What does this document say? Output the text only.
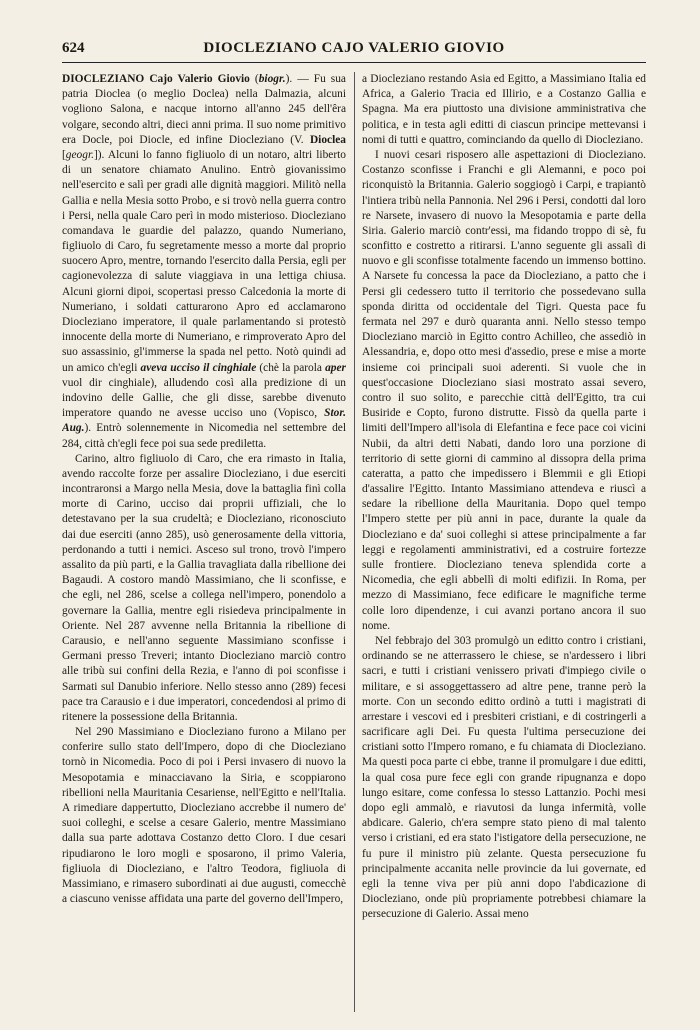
624	DIOCLEZIANO CAJO VALERIO GIOVIO

DIOCLEZIANO Cajo Valerio Giovio (biogr.). — Fu sua patria Dioclea (o meglio Doclea) nella Dalmazia, alcuni vogliono Salona, e nacque intorno all'anno 245 dell'êra volgare, secondo altri, dieci anni prima. Il suo nome primitivo era Docle, poi Diocle, ed infine Diocleziano (V. Dioclea [geogr.]). Alcuni lo fanno figliuolo di un notaro, altri liberto di un senatore chiamato Anulino. Entrò giovanissimo nell'esercito e salì per gradi alle dignità maggiori. Militò nella Gallia e nella Mesia sotto Probo, e si trovò nella guerra contro i Persi, nella quale Caro perì in modo misterioso. Diocleziano comandava le guardie del palazzo, quando Numeriano, figliuolo di Caro, fu segretamente messo a morte dal proprio suocero Apro, mentre, tornando l'esercito dalla Persia, egli per cagionevolezza di salute viaggiava in una lettiga chiusa. Alcuni giorni dipoi, scopertasi presso Calcedonia la morte di Numeriano, i soldati catturarono Apro ed acclamarono Diocleziano imperatore, il quale parlamentando si protestò innocente della morte di Numeriano, e rimproverato Apro del suo assassinio, gl'immerse la spada nel petto. Notò quindi ad un amico ch'egli aveva ucciso il cinghiale (chè la parola aper vuol dir cinghiale), alludendo così alla predizione di un indovino delle Gallie, che gli disse, sarebbe divenuto imperatore quando ne avesse ucciso uno (Vopisco, Stor. Aug.). Entrò solennemente in Nicomedia nel settembre del 284, città ch'egli fece poi sua sede prediletta.

Carino, altro figliuolo di Caro, che era rimasto in Italia, avendo raccolte forze per assalire Diocleziano, i due eserciti incontraronsi a Margo nella Mesia, dove la battaglia finì colla morte di Carino, ucciso dai proprii uffiziali, che lo detestavano per la sua crudeltà; e Diocleziano, riconosciuto dai due eserciti (anno 285), usò generosamente della vittoria, perdonando a tutti i nemici. Asceso sul trono, trovò l'impero assalito da più parti, e la Gallia travagliata dalla ribellione dei Bagaudi. A costoro mandò Massimiano, che li sconfisse, e che egli, nel 286, scelse a collega nell'impero, ponendolo a governare la Gallia, mentre egli risiedeva principalmente in Oriente. Nel 287 avvenne nella Britannia la ribellione di Carausio, e nell'anno seguente Massimiano sconfisse i Germani presso Treveri; intanto Diocleziano marciò contro alle tribù sui confini della Rezia, e l'anno di poi sconfisse i Sarmati sul Danubio inferiore. Nello stesso anno (289) fecesi pace tra Carausio e i due imperatori, concedendosi al primo di ritenere la possessione della Britannia.

Nel 290 Massimiano e Diocleziano furono a Milano per conferire sullo stato dell'Impero, dopo di che Diocleziano tornò in Nicomedia. Poco di poi i Persi invasero di nuovo la Mesopotamia e minacciavano la Siria, e scoppiarono ribellioni nella Mauritania Cesariense, nell'Egitto e nell'Italia. A rimediare dappertutto, Diocleziano accrebbe il numero de' suoi colleghi, e scelse a cesare Galerio, mentre Massimiano dalla sua parte adottava Costanzo detto Cloro. I due cesari ripudiarono le loro mogli e sposarono, il primo Valeria, figliuola di Diocleziano, e l'altro Teodora, figliuola di Massimiano, e rimasero subordinati ai due augusti, comecchè a ciascuno venisse affidata una parte del governo dell'Impero,

a Diocleziano restando Asia ed Egitto, a Massimiano Italia ed Africa, a Galerio Tracia ed Illirio, e a Costanzo Gallia e Spagna. Ma era piuttosto una divisione amministrativa che politica, e in testa agli editti di ciascun principe mettevansi i nomi di tutti e quattro, cominciando da quello di Diocleziano.

I nuovi cesari risposero alle aspettazioni di Diocleziano. Costanzo sconfisse i Franchi e gli Alemanni, e poco poi riconquistò la Britannia. Galerio soggiogò i Carpi, e trapiantò l'intiera tribù nella Pannonia. Nel 296 i Persi, condotti dal loro re Narsete, invasero di nuovo la Mesopotamia e parte della Siria. Galerio marciò contr'essi, ma fidando troppo di sè, fu sconfitto e costretto a ritirarsi. L'anno seguente gli assalì di nuovo e gli sconfisse totalmente facendo un immenso bottino. A Narsete fu concessa la pace da Diocleziano, a patto che i Persi gli cedessero tutto il territorio che possedevano sulla sponda diritta od occidentale del Tigri. Questa pace fu fermata nel 297 e durò quaranta anni. Nello stesso tempo Diocleziano marciò in Egitto contro Achilleo, che assediò in Alessandria, e, dopo otto mesi d'assedio, prese e mise a morte insieme coi principali suoi aderenti. Si vuole che in quest'occasione Diocleziano siasi mostrato assai severo, contro il suo solito, e parecchie città dell'Egitto, tra cui Busiride e Copto, furono distrutte. Fissò da quella parte i limiti dell'Impero all'isola di Elefantina e fece pace coi vicini Nubii, da altri detti Nabati, dando loro una porzione di territorio di sette giorni di cammino al dissopra della prima cateratta, a patto che impedissero i Blemmii e gli Etiopi d'assalire l'Egitto. Intanto Massimiano attendeva e riuscì a sedare la ribellione della Mauritania. Dopo quel tempo l'Impero stette per più anni in pace, durante la quale da Diocleziano e da' suoi colleghi si attese principalmente a far leggi e regolamenti amministrativi, ed a costruire fortezze sulle frontiere. Diocleziano teneva splendida corte a Nicomedia, che egli abbellì di molti edifizii. In Roma, per mezzo di Massimiano, fece edificare le magnifiche terme colle loro dipendenze, i cui avanzi portano ancora il suo nome.

Nel febbrajo del 303 promulgò un editto contro i cristiani, ordinando se ne atterrassero le chiese, se n'ardessero i libri sacri, e tutti i cristiani venissero privati d'impiego civile o militare, e si assoggettassero ad altre pene, tranne però la morte. Con un secondo editto ordinò a tutti i magistrati di arrestare i vescovi ed i presbiteri cristiani, e di costringerli a sacrificare agli Dei. Fu questa l'ultima persecuzione dei cristiani sotto l'Impero romano, e fu chiamata di Diocleziano. Ma questi poca parte ci ebbe, tranne il promulgare i due editti, la qual cosa pure fece egli con grande ripugnanza e dopo lungo esitare, come confessa lo stesso Lattanzio. Pochi mesi dopo egli ammalò, e riavutosi da lunga infermità, volle abdicare. Galerio, ch'era sempre stato pieno di mal talento verso i cristiani, ed era stato l'istigatore della persecuzione, ne fu pure il ministro più zelante. Questa persecuzione fu principalmente accanita nelle provincie da lui governate, ed egli la tenne viva per più anni dopo l'abdicazione di Diocleziano, onde più propriamente potrebbesi chiamare la persecuzione di Galerio. Assai meno
